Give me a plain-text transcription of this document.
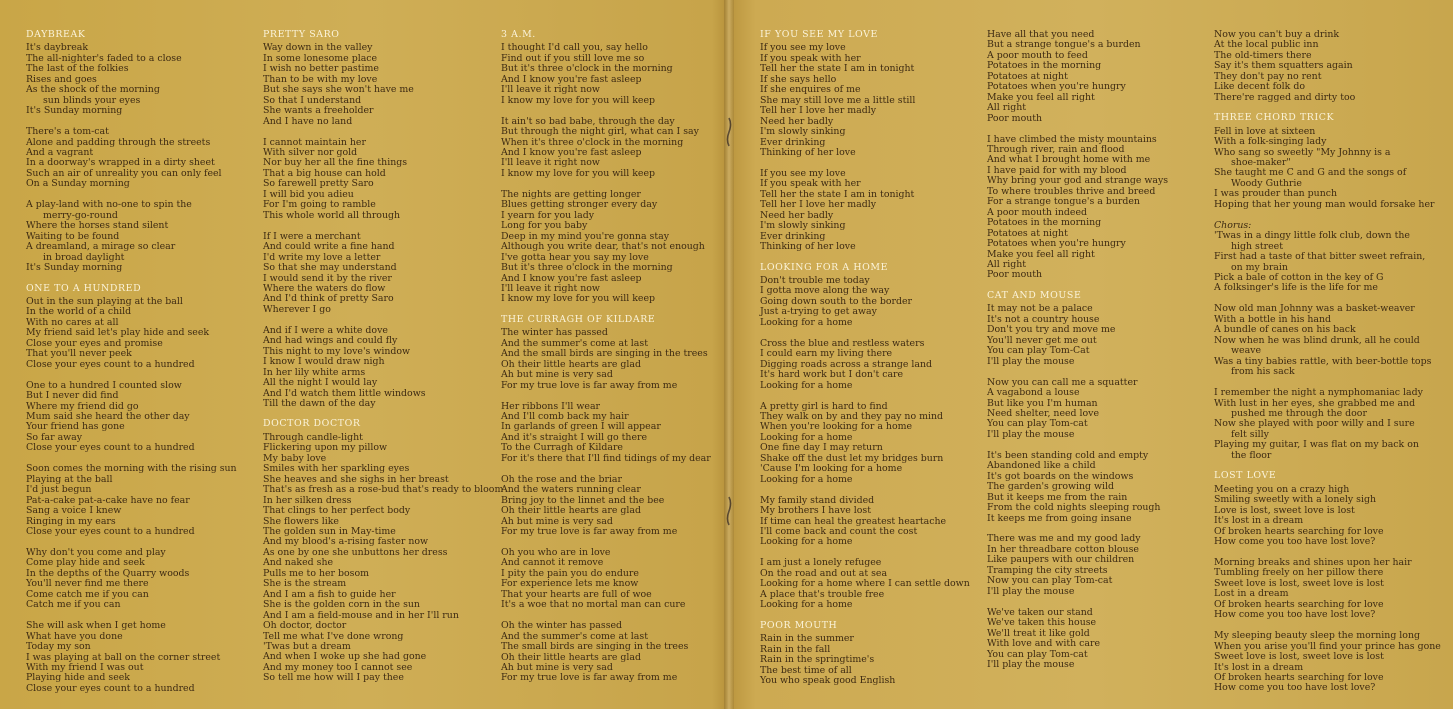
DAYBREAK
It's daybreak
The all-nighter's faded to a close
The last of the folkies
Rises and goes
As the shock of the morning
sun blinds your eyes
It's Sunday morning
There's a tom-cat
Alone and padding through the streets
And a vagrant
In a doorway's wrapped in a dirty sheet
Such an air of unreality you can only feel
On a Sunday morning
A play-land with no-one to spin the
merry-go-round
Where the horses stand silent
Waiting to be found
A dreamland, a mirage so clear
in broad daylight
It's Sunday morning
ONE TO A HUNDRED
Out in the sun playing at the ball
In the world of a child
With no cares at all
My friend said let's play hide and seek
Close your eyes and promise
That you'll never peek
Close your eyes count to a hundred
One to a hundred I counted slow
But I never did find
Where my friend did go
Mum said she heard the other day
Your friend has gone
So far away
Close your eyes count to a hundred
Soon comes the morning with the rising sun
Playing at the ball
I'd just begun
Pat-a-cake pat-a-cake have no fear
Sang a voice I knew
Ringing in my ears
Close your eyes count to a hundred
Why don't you come and play
Come play hide and seek
In the depths of the Quarry woods
You'll never find me there
Come catch me if you can
Catch me if you can
She will ask when I get home
What have you done
Today my son
I was playing at ball on the corner street
With my friend I was out
Playing hide and seek
Close your eyes count to a hundred
PRETTY SARO
Way down in the valley
In some lonesome place
I wish no better pastime
Than to be with my love
But she says she won't have me
So that I understand
She wants a freeholder
And I have no land
I cannot maintain her
With silver nor gold
Nor buy her all the fine things
That a big house can hold
So farewell pretty Saro
I will bid you adieu
For I'm going to ramble
This whole world all through
If I were a merchant
And could write a fine hand
I'd write my love a letter
So that she may understand
I would send it by the river
Where the waters do flow
And I'd think of pretty Saro
Wherever I go
And if I were a white dove
And had wings and could fly
This night to my love's window
I know I would draw nigh
In her lily white arms
All the night I would lay
And I'd watch them little windows
Till the dawn of the day
DOCTOR DOCTOR
Through candle-light
Flickering upon my pillow
My baby love
Smiles with her sparkling eyes
She heaves and she sighs in her breast
That's as fresh as a rose-bud that's ready to bloom
In her silken dress
That clings to her perfect body
She flowers like
The golden sun in May-time
And my blood's a-rising faster now
As one by one she unbuttons her dress
And naked she
Pulls me to her bosom
She is the stream
And I am a fish to guide her
She is the golden corn in the sun
And I am a field-mouse and in her I'll run
Oh doctor, doctor
Tell me what I've done wrong
'Twas but a dream
And when I woke up she had gone
And my money too I cannot see
So tell me how will I pay thee
3 A.M.
I thought I'd call you, say hello
Find out if you still love me so
But it's three o'clock in the morning
And I know you're fast asleep
I'll leave it right now
I know my love for you will keep
It ain't so bad babe, through the day
But through the night girl, what can I say
When it's three o'clock in the morning
And I know you're fast asleep
I'll leave it right now
I know my love for you will keep
The nights are getting longer
Blues getting stronger every day
I yearn for you lady
Long for you baby
Deep in my mind you're gonna stay
Although you write dear, that's not enough
I've gotta hear you say my love
But it's three o'clock in the morning
And I know you're fast asleep
I'll leave it right now
I know my love for you will keep
THE CURRAGH OF KILDARE
The winter has passed
And the summer's come at last
And the small birds are singing in the trees
Oh their little hearts are glad
Ah but mine is very sad
For my true love is far away from me
Her ribbons I'll wear
And I'll comb back my hair
In garlands of green I will appear
And it's straight I will go there
To the Curragh of Kildare
For it's there that I'll find tidings of my dear
Oh the rose and the briar
And the waters running clear
Bring joy to the linnet and the bee
Oh their little hearts are glad
Ah but mine is very sad
For my true love is far away from me
Oh you who are in love
And cannot it remove
I pity the pain you do endure
For experience lets me know
That your hearts are full of woe
It's a woe that no mortal man can cure
Oh the winter has passed
And the summer's come at last
The small birds are singing in the trees
Oh their little hearts are glad
Ah but mine is very sad
For my true love is far away from me
IF YOU SEE MY LOVE
If you see my love
If you speak with her
Tell her the state I am in tonight
If she says hello
If she enquires of me
She may still love me a little still
Tell her I love her madly
Need her badly
I'm slowly sinking
Ever drinking
Thinking of her love
If you see my love
If you speak with her
Tell her the state I am in tonight
Tell her I love her madly
Need her badly
I'm slowly sinking
Ever drinking
Thinking of her love
LOOKING FOR A HOME
Don't trouble me today
I gotta move along the way
Going down south to the border
Just a-trying to get away
Looking for a home
Cross the blue and restless waters
I could earn my living there
Digging roads across a strange land
It's hard work but I don't care
Looking for a home
A pretty girl is hard to find
They walk on by and they pay no mind
When you're looking for a home
Looking for a home
One fine day I may return
Shake off the dust let my bridges burn
'Cause I'm looking for a home
Looking for a home
My family stand divided
My brothers I have lost
If time can heal the greatest heartache
I'll come back and count the cost
Looking for a home
I am just a lonely refugee
On the road and out at sea
Looking for a home where I can settle down
A place that's trouble free
Looking for a home
POOR MOUTH
Rain in the summer
Rain in the fall
Rain in the springtime's
The best time of all
You who speak good English
Have all that you need
But a strange tongue's a burden
A poor mouth to feed
Potatoes in the morning
Potatoes at night
Potatoes when you're hungry
Make you feel all right
All right
Poor mouth
I have climbed the misty mountains
Through river, rain and flood
And what I brought home with me
I have paid for with my blood
Why bring your god and strange ways
To where troubles thrive and breed
For a strange tongue's a burden
A poor mouth indeed
Potatoes in the morning
Potatoes at night
Potatoes when you're hungry
Make you feel all right
All right
Poor mouth
CAT AND MOUSE
It may not be a palace
It's not a country house
Don't you try and move me
You'll never get me out
You can play Tom-Cat
I'll play the mouse
Now you can call me a squatter
A vagabond a louse
But like you I'm human
Need shelter, need love
You can play Tom-cat
I'll play the mouse
It's been standing cold and empty
Abandoned like a child
It's got boards on the windows
The garden's growing wild
But it keeps me from the rain
From the cold nights sleeping rough
It keeps me from going insane
There was me and my good lady
In her threadbare cotton blouse
Like paupers with our children
Tramping the city streets
Now you can play Tom-cat
I'll play the mouse
We've taken our stand
We've taken this house
We'll treat it like gold
With love and with care
You can play Tom-cat
I'll play the mouse
Now you can't buy a drink
At the local public inn
The old-timers there
Say it's them squatters again
They don't pay no rent
Like decent folk do
There're ragged and dirty too
THREE CHORD TRICK
Fell in love at sixteen
With a folk-singing lady
Who sang so sweetly "My Johnny is a
shoe-maker"
She taught me C and G and the songs of
Woody Guthrie
I was prouder than punch
Hoping that her young man would forsake her
Chorus:
'Twas in a dingy little folk club, down the
high street
First had a taste of that bitter sweet refrain,
on my brain
Pick a bale of cotton in the key of G
A folksinger's life is the life for me
Now old man Johnny was a basket-weaver
With a bottle in his hand
A bundle of canes on his back
Now when he was blind drunk, all he could
weave
Was a tiny babies rattle, with beer-bottle tops
from his sack
I remember the night a nymphomaniac lady
With lust in her eyes, she grabbed me and
pushed me through the door
Now she played with poor willy and I sure
felt silly
Playing my guitar, I was flat on my back on
the floor
LOST LOVE
Meeting you on a crazy high
Smiling sweetly with a lonely sigh
Love is lost, sweet love is lost
It's lost in a dream
Of broken hearts searching for love
How come you too have lost love?
Morning breaks and shines upon her hair
Tumbling freely on her pillow there
Sweet love is lost, sweet love is lost
Lost in a dream
Of broken hearts searching for love
How come you too have lost love?
My sleeping beauty sleep the morning long
When you arise you'll find your prince has gone
Sweet love is lost, sweet love is lost
It's lost in a dream
Of broken hearts searching for love
How come you too have lost love?
